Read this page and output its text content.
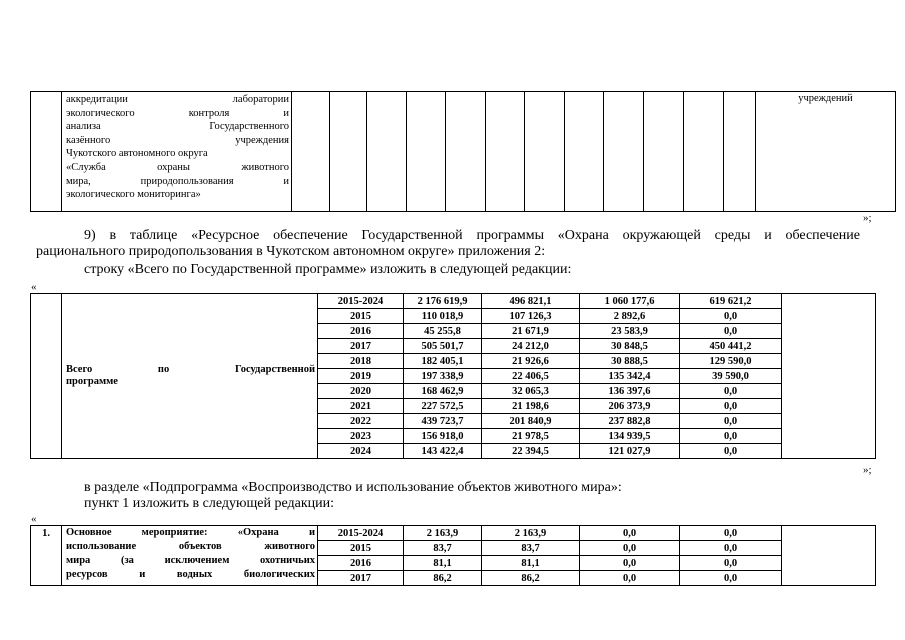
аккредитации	лаборатории
экологического	контроля	и
анализа	Государственного
казённого	учреждения
Чукотского автономного округа
«Служба	охраны	животного
мира,	природопользования	и
экологического мониторинга»
													учреждений
»;
9) в таблице «Ресурсное обеспечение Государственной программы «Охрана окружающей среды и обеспечение
рационального природопользования в Чукотском автономном округе» приложения 2:
строку «Всего по Государственной программе» изложить в следующей редакции:
«

	Всего по Государственной
программе	2015-2024	2 176 619,9	496 821,1	1 060 177,6	619 621,2	
		2015	110 018,9	107 126,3	2 892,6	0,0	
		2016	45 255,8	21 671,9	23 583,9	0,0	
		2017	505 501,7	24 212,0	30 848,5	450 441,2	
		2018	182 405,1	21 926,6	30 888,5	129 590,0	
		2019	197 338,9	22 406,5	135 342,4	39 590,0	
		2020	168 462,9	32 065,3	136 397,6	0,0	
		2021	227 572,5	21 198,6	206 373,9	0,0	
		2022	439 723,7	201 840,9	237 882,8	0,0	
		2023	156 918,0	21 978,5	134 939,5	0,0	
		2024	143 422,4	22 394,5	121 027,9	0,0	
»;
в разделе «Подпрограмма «Воспроизводство и использование объектов животного мира»:
пункт 1 изложить в следующей редакции:
«
1.	Основное мероприятие: «Охрана и
использование объектов животного
мира (за исключением охотничьих
ресурсов и водных биологических	2015-2024	2 163,9	2 163,9	0,0	0,0	
		2015	83,7	83,7	0,0	0,0	
		2016	81,1	81,1	0,0	0,0	
		2017	86,2	86,2	0,0	0,0	
